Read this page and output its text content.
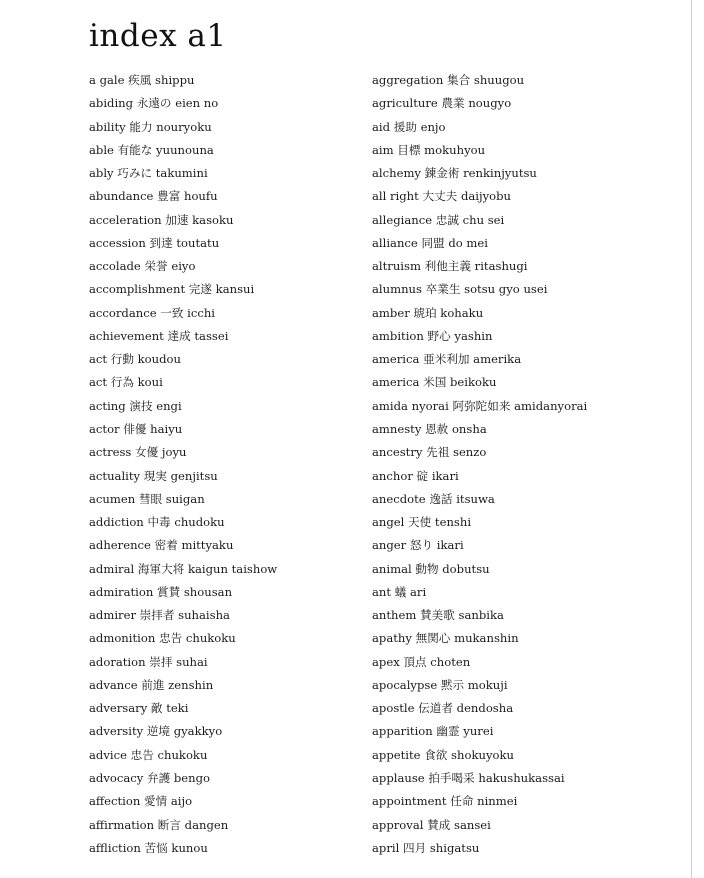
index a1
a gale 疾風 shippu
abiding 永遠の eien no
ability 能力 nouryoku
able 有能な yuunouna
ably 巧みに takumini
abundance 豊富 houfu
acceleration 加速 kasoku
accession 到達 toutatu
accolade 栄誉 eiyo
accomplishment 完遂 kansui
accordance 一致 icchi
achievement 達成 tassei
act 行動 koudou
act 行為 koui
acting 演技 engi
actor 俳優 haiyu
actress 女優 joyu
actuality 現実 genjitsu
acumen 彗眼 suigan
addiction 中毒 chudoku
adherence 密着 mittyaku
admiral 海軍大将 kaigun taishow
admiration 賞賛 shousan
admirer 崇拝者 suhaisha
admonition 忠告 chukoku
adoration 崇拝 suhai
advance 前進 zenshin
adversary 敵 teki
adversity 逆境 gyakkyo
advice 忠告 chukoku
advocacy 弁護 bengo
affection 愛情 aijo
affirmation 断言 dangen
affliction 苦悩 kunou
aggregation 集合 shuugou
agriculture 農業 nougyo
aid 援助 enjo
aim 目標 mokuhyou
alchemy 錬金術 renkinjyutsu
all right 大丈夫 daijyobu
allegiance 忠誠 chu sei
alliance 同盟 do mei
altruism 利他主義 ritashugi
alumnus 卒業生 sotsu gyo usei
amber 琥珀 kohaku
ambition 野心 yashin
america 亜米利加 amerika
america 米国 beikoku
amida nyorai 阿弥陀如来 amidanyorai
amnesty 恩赦 onsha
ancestry 先祖 senzo
anchor 碇 ikari
anecdote 逸話 itsuwa
angel 天使 tenshi
anger 怒り ikari
animal 動物 dobutsu
ant 蟻 ari
anthem 賛美歌 sanbika
apathy 無関心 mukanshin
apex 頂点 choten
apocalypse 黙示 mokuji
apostle 伝道者 dendosha
apparition 幽霊 yurei
appetite 食欲 shokuyoku
applause 拍手喝采 hakushukassai
appointment 任命 ninmei
approval 賛成 sansei
april 四月 shigatsu
